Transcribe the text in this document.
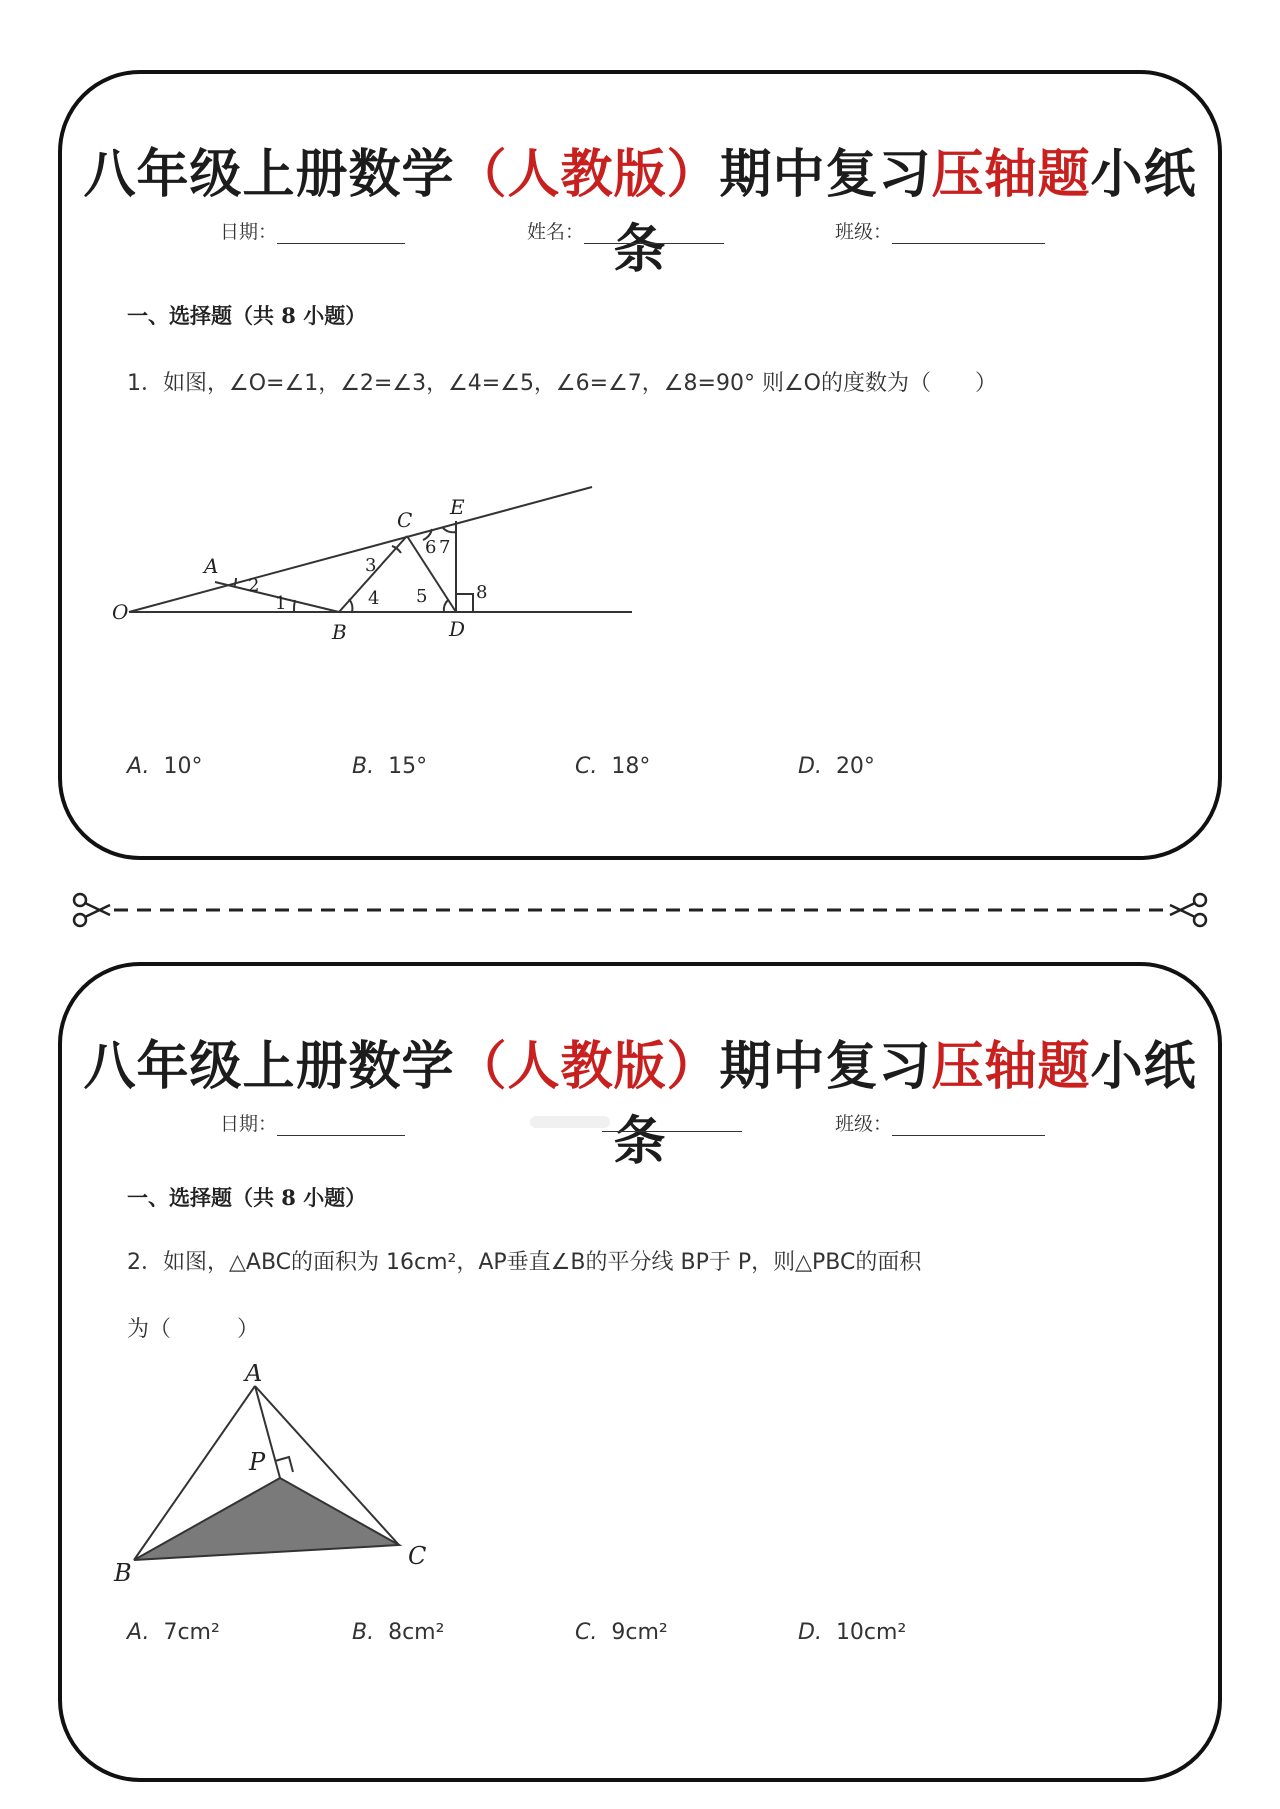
八年级上册数学（人教版）期中复习压轴题小纸条
日期：	姓名：	班级：
一、选择题（共 8 小题）
1．如图，∠O=∠1，∠2=∠3，∠4=∠5，∠6=∠7，∠8=90° 则∠O的度数为（　　）
O
A
B
C
D
E
1
2
3
4 5
6 7
8
A. 10°	B. 15°	C. 18°	D. 20°
八年级上册数学（人教版）期中复习压轴题小纸条
日期：	班级：
一、选择题（共 8 小题）
2．如图，△ABC的面积为 16cm²，AP垂直∠B的平分线 BP于 P，则△PBC的面积
为（　　　）
A
B
C
P
A. 7cm²	B. 8cm²	C. 9cm²	D. 10cm²
